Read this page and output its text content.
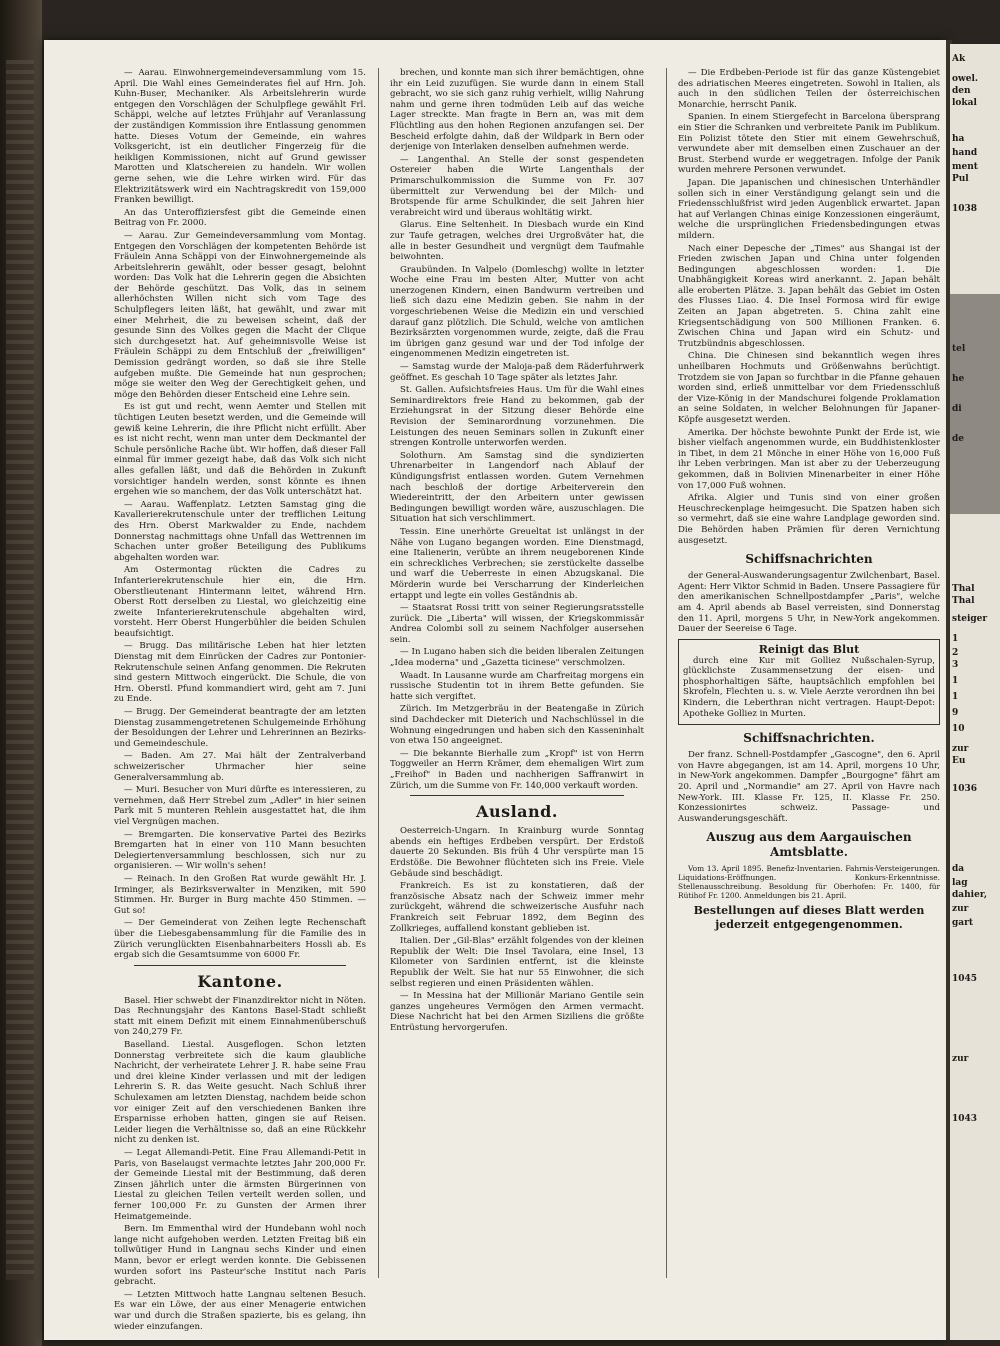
— Aarau. Einwohnergemeindeversammlung vom 15. April. Die Wahl eines Gemeinderates fiel auf Hrn. Joh. Kuhn-Buser, Mechaniker. Als Arbeitslehrerin wurde entgegen den Vorschlägen der Schulpflege gewählt Frl. Schäppi, welche auf letztes Frühjahr auf Veranlassung der zuständigen Kommission ihre Entlassung genommen hatte. Dieses Votum der Gemeinde, ein wahres Volksgericht, ist ein deutlicher Fingerzeig für die heikligen Kommissionen, nicht auf Grund gewisser Marotten und Klatschereien zu handeln. Wir wollen gerne sehen, wie die Lehre wirken wird. Für das Elektrizitätswerk wird ein Nachtragskredit von 159,000 Franken bewilligt.

An das Unteroffiziersfest gibt die Gemeinde einen Beitrag von Fr. 2000.

— Aarau. Zur Gemeindeversammlung vom Montag. Entgegen den Vorschlägen der kompetenten Behörde ist Fräulein Anna Schäppi von der Einwohnergemeinde als Arbeitslehrerin gewählt, oder besser gesagt, belohnt worden: Das Volk hat die Lehrerin gegen die Absichten der Behörde geschützt. Das Volk, das in seinem allerhöchsten Willen nicht sich vom Tage des Schulpflegers leiten läßt, hat gewählt, und zwar mit einer Mehrheit, die zu beweisen scheint, daß der gesunde Sinn des Volkes gegen die Macht der Clique sich durchgesetzt hat. Auf geheimnisvolle Weise ist Fräulein Schäppi zu dem Entschluß der „freiwilligen" Demission gedrängt worden, so daß sie ihre Stelle aufgeben mußte. Die Gemeinde hat nun gesprochen; möge sie weiter den Weg der Gerechtigkeit gehen, und möge den Behörden dieser Entscheid eine Lehre sein.

Es ist gut und recht, wenn Aemter und Stellen mit tüchtigen Leuten besetzt werden, und die Gemeinde will gewiß keine Lehrerin, die ihre Pflicht nicht erfüllt. Aber es ist nicht recht, wenn man unter dem Deckmantel der Schule persönliche Rache übt. Wir hoffen, daß dieser Fall einmal für immer gezeigt habe, daß das Volk sich nicht alles gefallen läßt, und daß die Behörden in Zukunft vorsichtiger handeln werden, sonst könnte es ihnen ergehen wie so manchem, der das Volk unterschätzt hat.

— Aarau. Waffenplatz. Letzten Samstag ging die Kavallerierekrutenschule unter der trefflichen Leitung des Hrn. Oberst Markwalder zu Ende, nachdem Donnerstag nachmittags ohne Unfall das Wettrennen im Schachen unter großer Beteiligung des Publikums abgehalten worden war.

Am Ostermontag rückten die Cadres zu Infanterierekrutenschule hier ein, die Hrn. Oberstlieutenant Hintermann leitet, während Hrn. Oberst Rott derselben zu Liestal, wo gleichzeitig eine zweite Infanterierekrutenschule abgehalten wird, vorsteht. Herr Oberst Hungerbühler die beiden Schulen beaufsichtigt.

— Brugg. Das militärische Leben hat hier letzten Dienstag mit dem Einrücken der Cadres zur Pontonier-Rekrutenschule seinen Anfang genommen. Die Rekruten sind gestern Mittwoch eingerückt. Die Schule, die von Hrn. Oberstl. Pfund kommandiert wird, geht am 7. Juni zu Ende.

— Brugg. Der Gemeinderat beantragte der am letzten Dienstag zusammengetretenen Schulgemeinde Erhöhung der Besoldungen der Lehrer und Lehrerinnen an Bezirks- und Gemeindeschule.

— Baden. Am 27. Mai hält der Zentralverband schweizerischer Uhrmacher hier seine Generalversammlung ab.

— Muri. Besucher von Muri dürfte es interessieren, zu vernehmen, daß Herr Strebel zum „Adler" in hier seinen Park mit 5 munteren Rehlein ausgestattet hat, die ihm viel Vergnügen machen.

— Bremgarten. Die konservative Partei des Bezirks Bremgarten hat in einer von 110 Mann besuchten Delegiertenversammlung beschlossen, sich nur zu organisieren. — Wir wolln's sehen!

— Reinach. In den Großen Rat wurde gewählt Hr. J. Irminger, als Bezirksverwalter in Menziken, mit 590 Stimmen. Hr. Burger in Burg machte 450 Stimmen. — Gut so!

— Der Gemeinderat von Zeihen legte Rechenschaft über die Liebesgabensammlung für die Familie des in Zürich verunglückten Eisenbahnarbeiters Hossli ab. Es ergab sich die Gesamtsumme von 6000 Fr.

Kantone.

Basel. Hier schwebt der Finanzdirektor nicht in Nöten. Das Rechnungsjahr des Kantons Basel-Stadt schließt statt mit einem Defizit mit einem Einnahmenüberschuß von 240,279 Fr.

Baselland. Liestal. Ausgeflogen. Schon letzten Donnerstag verbreitete sich die kaum glaubliche Nachricht, der verheiratete Lehrer J. R. habe seine Frau und drei kleine Kinder verlassen und mit der ledigen Lehrerin S. R. das Weite gesucht. Nach Schluß ihrer Schulexamen am letzten Dienstag, nachdem beide schon vor einiger Zeit auf den verschiedenen Banken ihre Ersparnisse erhoben hatten, gingen sie auf Reisen. Leider liegen die Verhältnisse so, daß an eine Rückkehr nicht zu denken ist.

— Legat Allemandi-Petit. Eine Frau Allemandi-Petit in Paris, von Baselaugst vermachte letztes Jahr 200,000 Fr. der Gemeinde Liestal mit der Bestimmung, daß deren Zinsen jährlich unter die ärmsten Bürgerinnen von Liestal zu gleichen Teilen verteilt werden sollen, und ferner 100,000 Fr. zu Gunsten der Armen ihrer Heimatgemeinde.

Bern. Im Emmenthal wird der Hundebann wohl noch lange nicht aufgehoben werden. Letzten Freitag biß ein tollwütiger Hund in Langnau sechs Kinder und einen Mann, bevor er erlegt werden konnte. Die Gebissenen wurden sofort ins Pasteur'sche Institut nach Paris gebracht.

— Letzten Mittwoch hatte Langnau seltenen Besuch. Es war ein Löwe, der aus einer Menagerie entwichen war und durch die Straßen spazierte, bis es gelang, ihn wieder einzufangen.

brechen, und konnte man sich ihrer bemächtigen, ohne ihr ein Leid zuzufügen. Sie wurde dann in einem Stall gebracht, wo sie sich ganz ruhig verhielt, willig Nahrung nahm und gerne ihren todmüden Leib auf das weiche Lager streckte. Man fragte in Bern an, was mit dem Flüchtling aus den hohen Regionen anzufangen sei. Der Bescheid erfolgte dahin, daß der Wildpark in Bern oder derjenige von Interlaken denselben aufnehmen werde.

— Langenthal. An Stelle der sonst gespendeten Ostereier haben die Wirte Langenthals der Primarschulkommission die Summe von Fr. 307 übermittelt zur Verwendung bei der Milch- und Brotspende für arme Schulkinder, die seit Jahren hier verabreicht wird und überaus wohltätig wirkt.

Glarus. Eine Seltenheit. In Diesbach wurde ein Kind zur Taufe getragen, welches drei Urgroßväter hat, die alle in bester Gesundheit und vergnügt dem Taufmahle beiwohnten.

Graubünden. In Valpelo (Domleschg) wollte in letzter Woche eine Frau im besten Alter, Mutter von acht unerzogenen Kindern, einen Bandwurm vertreiben und ließ sich dazu eine Medizin geben. Sie nahm in der vorgeschriebenen Weise die Medizin ein und verschied darauf ganz plötzlich. Die Schuld, welche von amtlichen Bezirksärzten vorgenommen wurde, zeigte, daß die Frau im übrigen ganz gesund war und der Tod infolge der eingenommenen Medizin eingetreten ist.

— Samstag wurde der Maloja-paß dem Räderfuhrwerk geöffnet. Es geschah 10 Tage später als letztes Jahr.

St. Gallen. Aufsichtsfreies Haus. Um für die Wahl eines Seminardirektors freie Hand zu bekommen, gab der Erziehungsrat in der Sitzung dieser Behörde eine Revision der Seminarordnung vorzunehmen. Die Leistungen des neuen Seminars sollen in Zukunft einer strengen Kontrolle unterworfen werden.

Solothurn. Am Samstag sind die syndizierten Uhrenarbeiter in Langendorf nach Ablauf der Kündigungsfrist entlassen worden. Gutem Vernehmen nach beschloß der dortige Arbeiterverein den Wiedereintritt, der den Arbeitern unter gewissen Bedingungen bewilligt worden wäre, auszuschlagen. Die Situation hat sich verschlimmert.

Tessin. Eine unerhörte Greueltat ist unlängst in der Nähe von Lugano begangen worden. Eine Dienstmagd, eine Italienerin, verübte an ihrem neugeborenen Kinde ein schreckliches Verbrechen; sie zerstückelte dasselbe und warf die Ueberreste in einen Abzugskanal. Die Mörderin wurde bei Verscharrung der Kinderleichen ertappt und legte ein volles Geständnis ab.

— Staatsrat Rossi tritt von seiner Regierungsratsstelle zurück. Die „Liberta" will wissen, der Kriegskommissär Andrea Colombi soll zu seinem Nachfolger ausersehen sein.

— In Lugano haben sich die beiden liberalen Zeitungen „Idea moderna" und „Gazetta ticinese" verschmolzen.

Waadt. In Lausanne wurde am Charfreitag morgens ein russische Studentin tot in ihrem Bette gefunden. Sie hatte sich vergiftet.

Zürich. Im Metzgerbräu in der Beatengaße in Zürich sind Dachdecker mit Dieterich und Nachschlüssel in die Wohnung eingedrungen und haben sich den Kasseninhalt von etwa 150 angeeignet.

— Die bekannte Bierhalle zum „Kropf" ist von Herrn Toggweiler an Herrn Krämer, dem ehemaligen Wirt zum „Freihof" in Baden und nachherigen Saffranwirt in Zürich, um die Summe von Fr. 140,000 verkauft worden.

Ausland.

Oesterreich-Ungarn. In Krainburg wurde Sonntag abends ein heftiges Erdbeben verspürt. Der Erdstoß dauerte 20 Sekunden. Bis früh 4 Uhr verspürte man 15 Erdstöße. Die Bewohner flüchteten sich ins Freie. Viele Gebäude sind beschädigt.

Frankreich. Es ist zu konstatieren, daß der französische Absatz nach der Schweiz immer mehr zurückgeht, während die schweizerische Ausfuhr nach Frankreich seit Februar 1892, dem Beginn des Zollkrieges, auffallend konstant geblieben ist.

Italien. Der „Gil-Blas" erzählt folgendes von der kleinen Republik der Welt: Die Insel Tavolara, eine Insel, 13 Kilometer von Sardinien entfernt, ist die kleinste Republik der Welt. Sie hat nur 55 Einwohner, die sich selbst regieren und einen Präsidenten wählen.

— In Messina hat der Millionär Mariano Gentile sein ganzes ungeheures Vermögen den Armen vermacht. Diese Nachricht hat bei den Armen Siziliens die größte Entrüstung hervorgerufen.

— Die Erdbeben-Periode ist für das ganze Küstengebiet des adriatischen Meeres eingetreten. Sowohl in Italien, als auch in den südlichen Teilen der österreichischen Monarchie, herrscht Panik.

Spanien. In einem Stiergefecht in Barcelona übersprang ein Stier die Schranken und verbreitete Panik im Publikum. Ein Polizist tötete den Stier mit einem Gewehrschuß, verwundete aber mit demselben einen Zuschauer an der Brust. Sterbend wurde er weggetragen. Infolge der Panik wurden mehrere Personen verwundet.

Japan. Die japanischen und chinesischen Unterhändler sollen sich in einer Verständigung gelangt sein und die Friedensschlußfrist wird jeden Augenblick erwartet. Japan hat auf Verlangen Chinas einige Konzessionen eingeräumt, welche die ursprünglichen Friedensbedingungen etwas mildern.

Nach einer Depesche der „Times" aus Shangai ist der Frieden zwischen Japan und China unter folgenden Bedingungen abgeschlossen worden: 1. Die Unabhängigkeit Koreas wird anerkannt. 2. Japan behält alle eroberten Plätze. 3. Japan behält das Gebiet im Osten des Flusses Liao. 4. Die Insel Formosa wird für ewige Zeiten an Japan abgetreten. 5. China zahlt eine Kriegsentschädigung von 500 Millionen Franken. 6. Zwischen China und Japan wird ein Schutz- und Trutzbündnis abgeschlossen.

China. Die Chinesen sind bekanntlich wegen ihres unheilbaren Hochmuts und Größenwahns berüchtigt. Trotzdem sie von Japan so furchtbar in die Pfanne gehauen worden sind, erließ unmittelbar vor dem Friedensschluß der Vize-König in der Mandschurei folgende Proklamation an seine Soldaten, in welcher Belohnungen für Japaner-Köpfe ausgesetzt werden.

Amerika. Der höchste bewohnte Punkt der Erde ist, wie bisher vielfach angenommen wurde, ein Buddhistenkloster in Tibet, in dem 21 Mönche in einer Höhe von 16,000 Fuß ihr Leben verbringen. Man ist aber zu der Ueberzeugung gekommen, daß in Bolivien Minenarbeiter in einer Höhe von 17,000 Fuß wohnen.

Afrika. Algier und Tunis sind von einer großen Heuschreckenplage heimgesucht. Die Spatzen haben sich so vermehrt, daß sie eine wahre Landplage geworden sind. Die Behörden haben Prämien für deren Vernichtung ausgesetzt.

Schiffsnachrichten

der General-Auswanderungsagentur Zwilchenbart, Basel. Agent: Herr Viktor Schmid in Baden. Unsere Passagiere für den amerikanischen Schnellpostdampfer „Paris", welche am 4. April abends ab Basel verreisten, sind Donnerstag den 11. April, morgens 5 Uhr, in New-York angekommen. Dauer der Seereise 6 Tage.

Reinigt das Blut

durch eine Kur mit Golliez Nußschalen-Syrup, glücklichste Zusammensetzung der eisen- und phosphorhaltigen Säfte, hauptsächlich empfohlen bei Skrofeln, Flechten u. s. w. Viele Aerzte verordnen ihn bei Kindern, die Leberthran nicht vertragen. Haupt-Depot: Apotheke Golliez in Murten.

Schiffsnachrichten.

Der franz. Schnell-Postdampfer „Gascogne", den 6. April von Havre abgegangen, ist am 14. April, morgens 10 Uhr, in New-York angekommen. Dampfer „Bourgogne" fährt am 20. April und „Normandie" am 27. April von Havre nach New-York. III. Klasse Fr. 125, II. Klasse Fr. 250. Konzessionirtes schweiz. Passage- und Auswanderungsgeschäft.

Auszug aus dem Aargauischen Amtsblatte.

Vom 13. April 1895. Benefiz-Inventarien. Fahrnis-Versteigerungen. Liquidations-Eröffnungen. Konkurs-Erkenntnisse. Stellenausschreibung. Besoldung für Oberhofen: Fr. 1400, für Rütihof Fr. 1200. Anmeldungen bis 21. April.

Bestellungen auf dieses Blatt werden jederzeit entgegengenommen.
Ak
owel.
den
lokal
ha
hand
ment
Pul
1038
tel
he
di
de
Thal
Thal
steiger
1
2
3
1
1
9
10
zur
Eu
1036
da
lag
dahier,
zur
gart
1045
zur
1043
